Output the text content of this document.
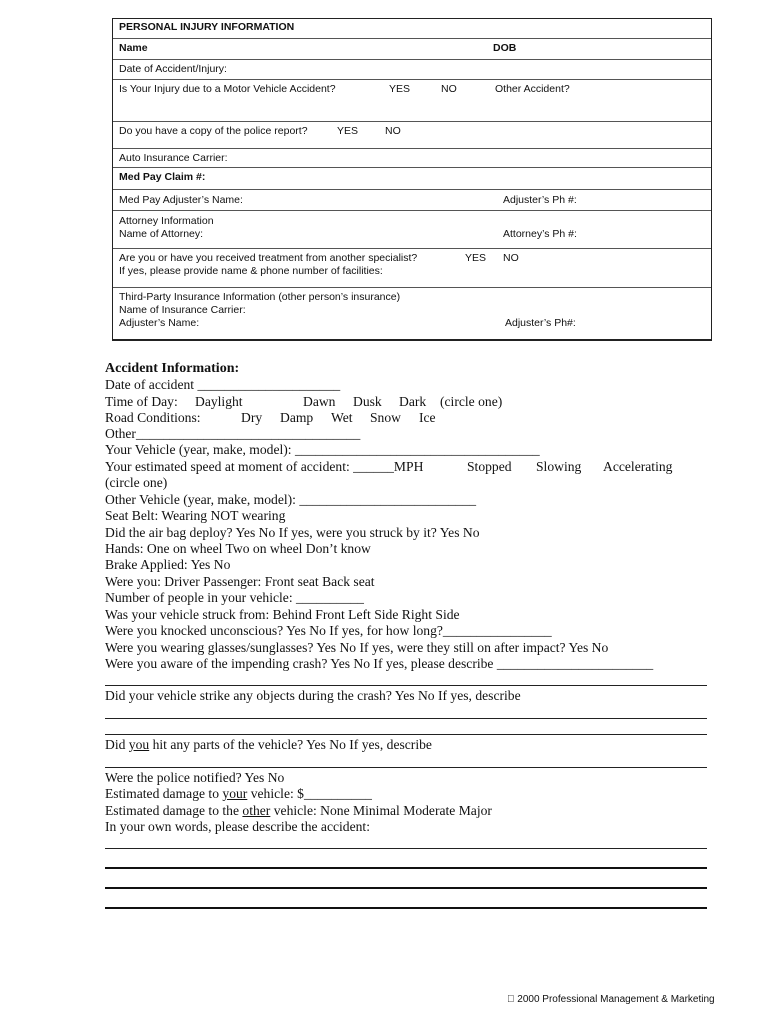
PERSONAL INJURY INFORMATION
Name	DOB
Date of Accident/Injury:
Is Your Injury due to a Motor Vehicle Accident?	YES	NO	Other Accident?
Do you have a copy of the police report?	YES	NO
Auto Insurance Carrier:
Med Pay Claim #:
Med Pay Adjuster’s Name:	Adjuster’s Ph #:
Attorney Information
Name of Attorney:	Attorney’s Ph #:
Are you or have you received treatment from another specialist?	YES NO
If yes, please provide name & phone number of facilities:
Third-Party Insurance Information (other person’s insurance)
Name of Insurance Carrier:
Adjuster’s Name:	Adjuster’s Ph#:
Accident Information:
Date of accident _____________________
Time of Day: Daylight	Dawn Dusk Dark (circle one)
Road Conditions:	Dry Damp Wet Snow Ice
Other_________________________________
Your Vehicle (year, make, model): ____________________________________
Your estimated speed at moment of accident: ______MPH	Stopped Slowing Accelerating
(circle one)
Other Vehicle (year, make, model): __________________________
Seat Belt: Wearing NOT wearing
Did the air bag deploy? Yes No If yes, were you struck by it? Yes No
Hands: One on wheel Two on wheel Don’t know
Brake Applied: Yes No
Were you: Driver Passenger: Front seat Back seat
Number of people in your vehicle: __________
Was your vehicle struck from: Behind Front Left Side Right Side
Were you knocked unconscious? Yes No If yes, for how long?________________
Were you wearing glasses/sunglasses? Yes No If yes, were they still on after impact? Yes No
Were you aware of the impending crash? Yes No If yes, please describe _______________________
Did your vehicle strike any objects during the crash? Yes No If yes, describe
Did you hit any parts of the vehicle? Yes No If yes, describe
Were the police notified? Yes No
Estimated damage to your vehicle: $__________
Estimated damage to the other vehicle: None Minimal Moderate Major
In your own words, please describe the accident:
  2000 Professional Management & Marketing
